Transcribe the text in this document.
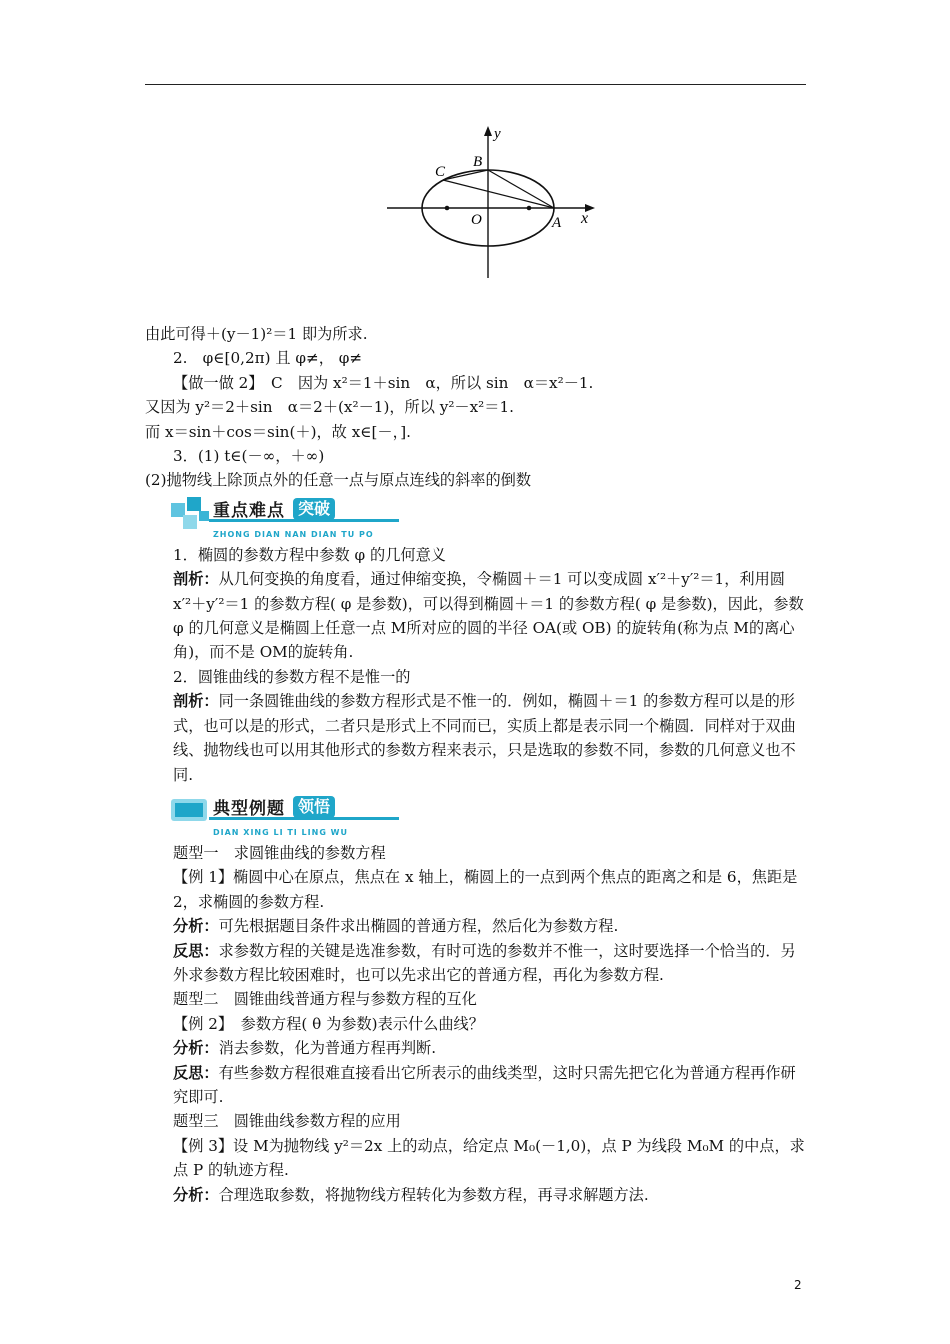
y
x
B
C
O	A

由此可得＋(y－1)²＝1 即为所求.

2.　φ∈[0,2π) 且 φ≠， φ≠

【做一做 2】　C　因为 x²＝1＋sin　α，所以 sin　α＝x²－1.

又因为 y²＝2＋sin　α＝2＋(x²－1)，所以 y²－x²＝1.

而 x＝sin＋cos＝sin(＋)，故 x∈[－，].

3．(1) t∈(－∞，＋∞)

(2)抛物线上除顶点外的任意一点与原点连线的斜率的倒数

重点难点 突破
ZHONG DIAN NAN DIAN TU PO

1．椭圆的参数方程中参数 φ 的几何意义

剖析：从几何变换的角度看，通过伸缩变换，令椭圆＋＝1 可以变成圆 x′²＋y′²＝1，利用圆 x′²＋y′²＝1 的参数方程( φ 是参数)，可以得到椭圆＋＝1 的参数方程( φ 是参数)，因此，参数 φ 的几何意义是椭圆上任意一点 M所对应的圆的半径 OA(或 OB) 的旋转角(称为点 M的离心角)，而不是 OM的旋转角.

2．圆锥曲线的参数方程不是惟一的

剖析：同一条圆锥曲线的参数方程形式是不惟一的．例如，椭圆＋＝1 的参数方程可以是的形式，也可以是的形式，二者只是形式上不同而已，实质上都是表示同一个椭圆．同样对于双曲线、抛物线也可以用其他形式的参数方程来表示，只是选取的参数不同，参数的几何意义也不同.

典型例题 领悟
DIAN XING LI TI LING WU

题型一　求圆锥曲线的参数方程

【例 1】椭圆中心在原点，焦点在 x 轴上，椭圆上的一点到两个焦点的距离之和是 6，焦距是 2，求椭圆的参数方程.

分析：可先根据题目条件求出椭圆的普通方程，然后化为参数方程.

反思：求参数方程的关键是选准参数，有时可选的参数并不惟一，这时要选择一个恰当的．另外求参数方程比较困难时，也可以先求出它的普通方程，再化为参数方程.

题型二　圆锥曲线普通方程与参数方程的互化

【例 2】　参数方程( θ 为参数)表示什么曲线？

分析：消去参数，化为普通方程再判断.

反思：有些参数方程很难直接看出它所表示的曲线类型，这时只需先把它化为普通方程再作研究即可.

题型三　圆锥曲线参数方程的应用

【例 3】设 M为抛物线 y²＝2x 上的动点，给定点 M₀(－1,0)，点 P 为线段 M₀M 的中点，求点 P 的轨迹方程.

分析：合理选取参数，将抛物线方程转化为参数方程，再寻求解题方法.

2
